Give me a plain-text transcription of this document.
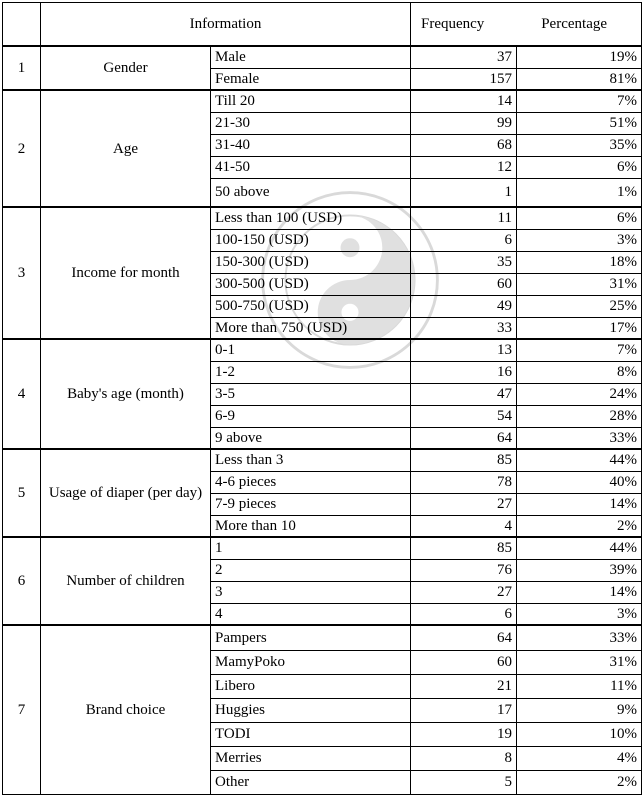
	Information		Frequency Percentage	

1	Gender	Male	37	19%
		Female	157	81%
2	Age	Till 20	14	7%
		21-30	99	51%
		31-40	68	35%
		41-50	12	6%
		50 above	1	1%
3	Income for month	Less than 100 (USD)	11	6%
		100-150 (USD)	6	3%
		150-300 (USD)	35	18%
		300-500 (USD)	60	31%
		500-750 (USD)	49	25%
		More than 750 (USD)	33	17%
4	Baby's age (month)	0-1	13	7%
		1-2	16	8%
		3-5	47	24%
		6-9	54	28%
		9 above	64	33%
5	Usage of diaper (per day)	Less than 3	85	44%
		4-6 pieces	78	40%
		7-9 pieces	27	14%
		More than 10	4	2%
6	Number of children	1	85	44%
		2	76	39%
		3	27	14%
		4	6	3%
7	Brand choice	Pampers	64	33%
		MamyPoko	60	31%
		Libero	21	11%
		Huggies	17	9%
		TODI	19	10%
		Merries	8	4%
		Other	5	2%
